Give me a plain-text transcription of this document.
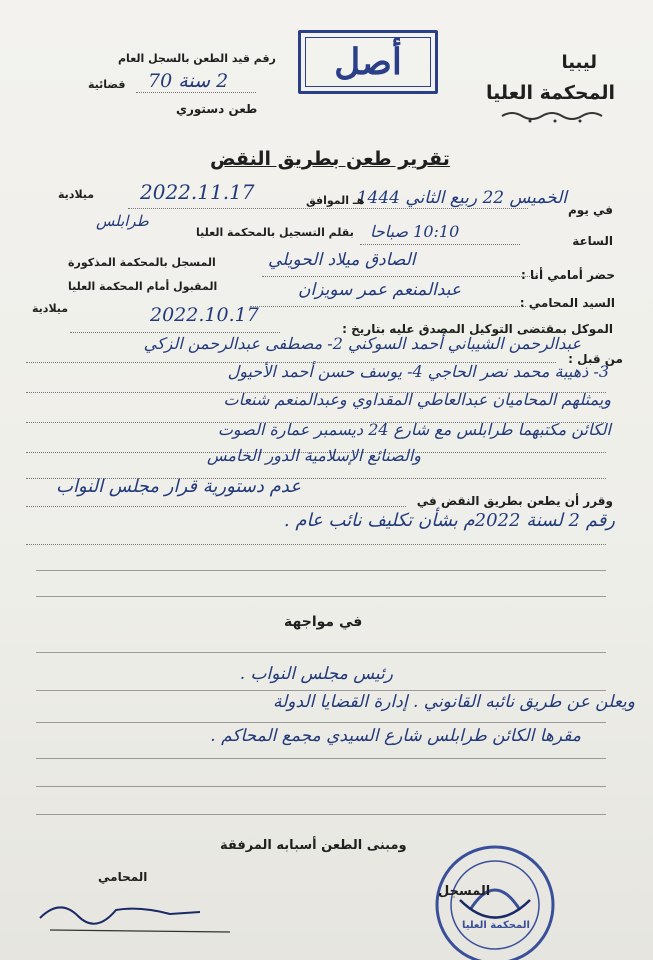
ليبيا
المحكمة العليا
أصل
رقم قيد الطعن بالسجل العام
قضائية 2 سنة 70
طعن دستوري
تقرير طعن بطريق النقض
في يوم
الخميس 22 ربيع الثاني 1444
هـ الموافق
2022.11.17
ميلادية
الساعة
10:10 صباحا
بقلم التسجيل بالمحكمة العليا
طرابلس
حضر أمامي أنا :
الصادق ميلاد الحويلي
المسجل بالمحكمة المذكورة
السيد المحامي :
عبدالمنعم عمر سويزان
المقبول أمام المحكمة العليا
ميلادية
الموكل بمقتضى التوكيل المصدق عليه بتاريخ :
2022.10.17
من قبل :
عبدالرحمن الشيباني أحمد السوكني 2- مصطفى عبدالرحمن الزكي
3- ذهيبة محمد نصر الحاجي 4- يوسف حسن أحمد الأحيول
ويمثلهم المحاميان عبدالعاطي المقداوي وعبدالمنعم شنعات
الكائن مكتبهما طرابلس مع شارع 24 ديسمبر عمارة الصوت
والصنائع الإسلامية الدور الخامس
وقرر أن يطعن بطريق النقض في
عدم دستورية قرار مجلس النواب
رقم 2 لسنة 2022م بشأن تكليف نائب عام .
في مواجهة
رئيس مجلس النواب .
ويعلن عن طريق نائبه القانوني . إدارة القضايا الدولة
مقرها الكائن طرابلس شارع السيدي مجمع المحاكم .
ومبنى الطعن أسبابه المرفقة
المحامي
المسجل
المحكمة العليا
